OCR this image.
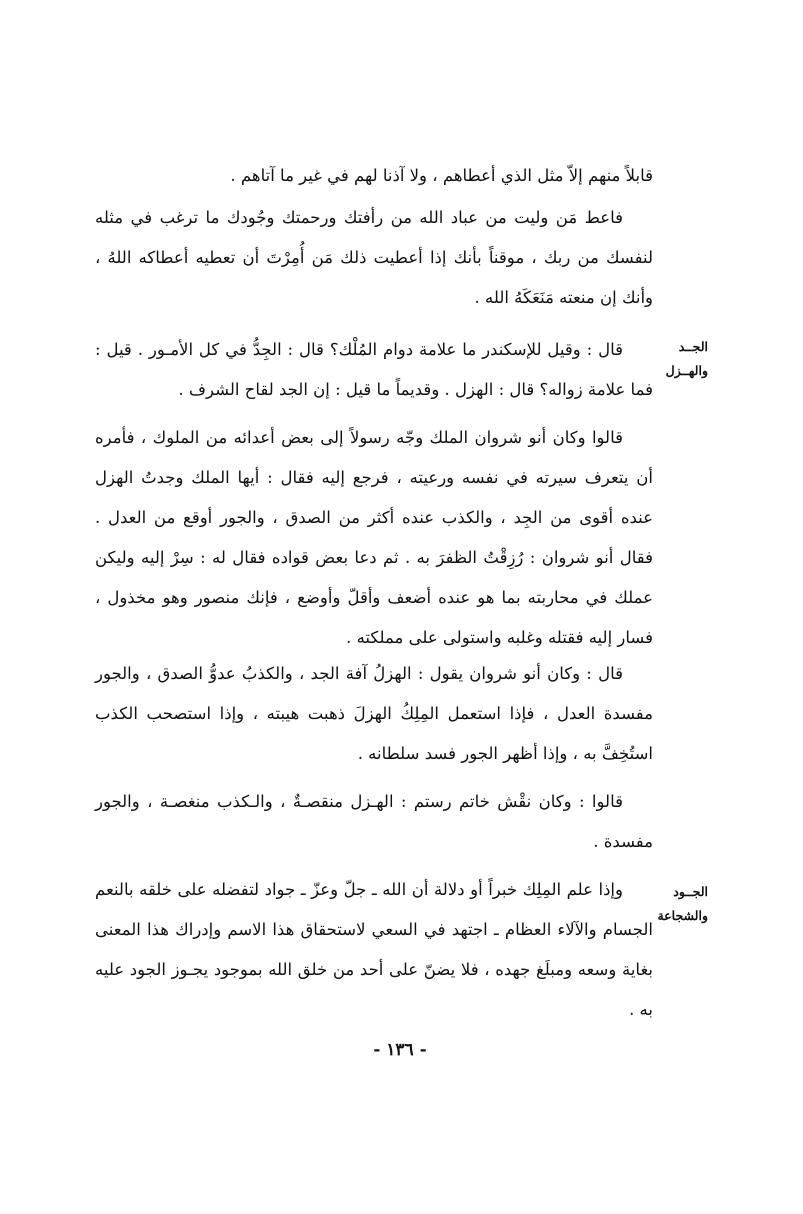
قابلاً منهم إلاّ مثل الذي أعطاهم ، ولا آذنا لهم في غير ما آتاهم .

فاعط مَن وليت من عباد الله من رأفتك ورحمتك وجُودك ما ترغب في مثله لنفسك من ربك ، موقناً بأنك إذا أعطيت ذلك مَن أُمِرْتَ أن تعطيه أعطاكه اللهُ ، وأنك إن منعته مَنَعَكَهُ الله .

قال : وقيل للإسكندر ما علامة دوام المُلْك؟ قال : الجِدُّ في كل الأمـور . قيل : فما علامة زواله؟ قال : الهزل . وقديماً ما قيل : إن الجد لقاح الشرف .

قالوا وكان أنو شروان الملك وجّه رسولاً إلى بعض أعدائه من الملوك ، فأمره أن يتعرف سيرته في نفسه ورعيته ، فرجع إليه فقال : أيها الملك وجدتُ الهزل عنده أقوى من الجِد ، والكذب عنده أكثر من الصدق ، والجور أوقع من العدل . فقال أنو شروان : رُزِقْتُ الظفرَ به . ثم دعا بعض قواده فقال له : سِرْ إليه وليكن عملك في محاربته بما هو عنده أضعف وأقلّ وأوضع ، فإنك منصور وهو مخذول ، فسار إليه فقتله وغلبه واستولى على مملكته .

قال : وكان أنو شروان يقول : الهزلُ آفة الجد ، والكذبُ عدوُّ الصدق ، والجور مفسدة العدل ، فإذا استعمل المِلِكُ الهزلَ ذهبت هيبته ، وإذا استصحب الكذب استُخِفَّ به ، وإذا أظهر الجور فسد سلطانه .

قالوا : وكان نقْش خاتم رستم : الهـزل منقصـةٌ ، والـكذب منغصـة ، والجور مفسدة .

وإذا علم المِلِك خبراً أو دلالة أن الله ـ جلّ وعزّ ـ جواد لتفضله على خلقه بالنعم الجسام والآلاء العظام ـ اجتهد في السعي لاستحقاق هذا الاسم وإدراك هذا المعنى بغاية وسعه ومبلَغ جهده ، فلا يضنّ على أحد من خلق الله بموجود يجـوز الجود عليه به .

الجــد
والهــزل
الجــود
والشجاعة
- ١٣٦ -
